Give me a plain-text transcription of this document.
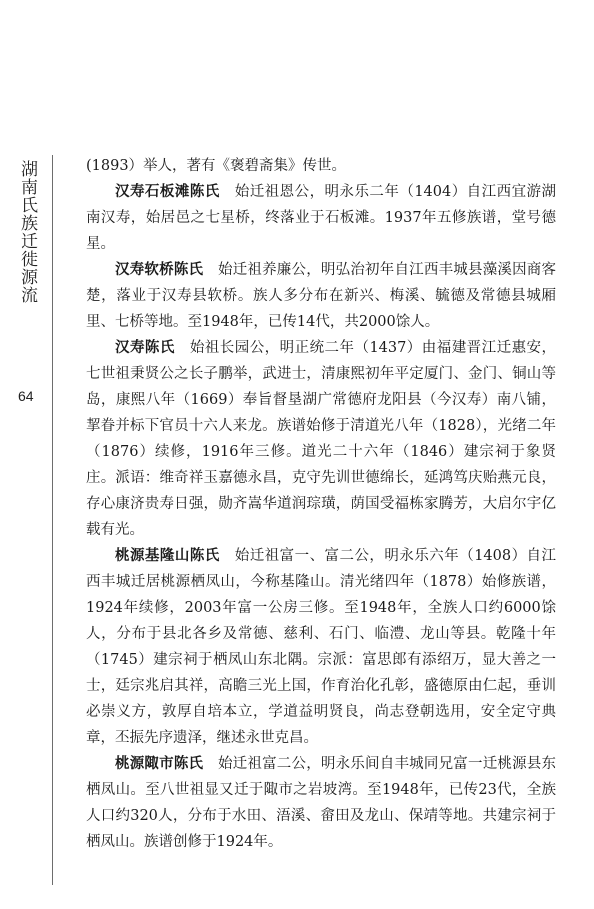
湖南氏族迁徙源流
64

(1893）举人，著有《褒碧斋集》传世。

汉寿石板滩陈氏　 始迁祖恩公，明永乐二年（1404）自江西宜游湖南汉寿，始居邑之七星桥，终落业于石板滩。1937年五修族谱，堂号德星。

汉寿软桥陈氏　 始迁祖养廉公，明弘治初年自江西丰城县藻溪因商客楚，落业于汉寿县软桥。族人多分布在新兴、梅溪、毓德及常德县城厢里、七桥等地。至1948年，已传14代，共2000馀人。

汉寿陈氏　 始祖长园公，明正统二年（1437）由福建晋江迁惠安，七世祖秉贤公之长子鹏举，武进士，清康熙初年平定厦门、金门、铜山等岛，康熙八年（1669）奉旨督垦湖广常德府龙阳县（今汉寿）南八铺，挈眷并标下官员十六人来龙。族谱始修于清道光八年（1828），光绪二年（1876）续修，1916年三修。道光二十六年（1846）建宗祠于象贤庄。派语：维奇祥玉嘉德永昌，克守先训世德绵长，延鸿笃庆贻燕元良，存心康济贵寿日强，勋齐嵩华道润琮璜，荫国受福栋家腾芳，大启尔宇亿载有光。

桃源基隆山陈氏　 始迁祖富一、富二公，明永乐六年（1408）自江西丰城迁居桃源栖凤山，今称基隆山。清光绪四年（1878）始修族谱，1924年续修，2003年富一公房三修。至1948年，全族人口约6000馀人，分布于县北各乡及常德、慈利、石门、临澧、龙山等县。乾隆十年（1745）建宗祠于栖凤山东北隅。宗派：富思郎有添绍万，显大善之一士，廷宗兆启其祥，高瞻三光上国，作育治化孔彰，盛德原由仁起，垂训必崇义方，敦厚自培本立，学道益明贤良，尚志登朝选用，安全定守典章，丕振先序遗泽，继述永世克昌。

桃源陬市陈氏　 始迁祖富二公，明永乐间自丰城同兄富一迁桃源县东栖凤山。至八世祖显又迁于陬市之岩坡湾。至1948年，已传23代，全族人口约320人，分布于水田、浯溪、畲田及龙山、保靖等地。共建宗祠于栖凤山。族谱创修于1924年。
